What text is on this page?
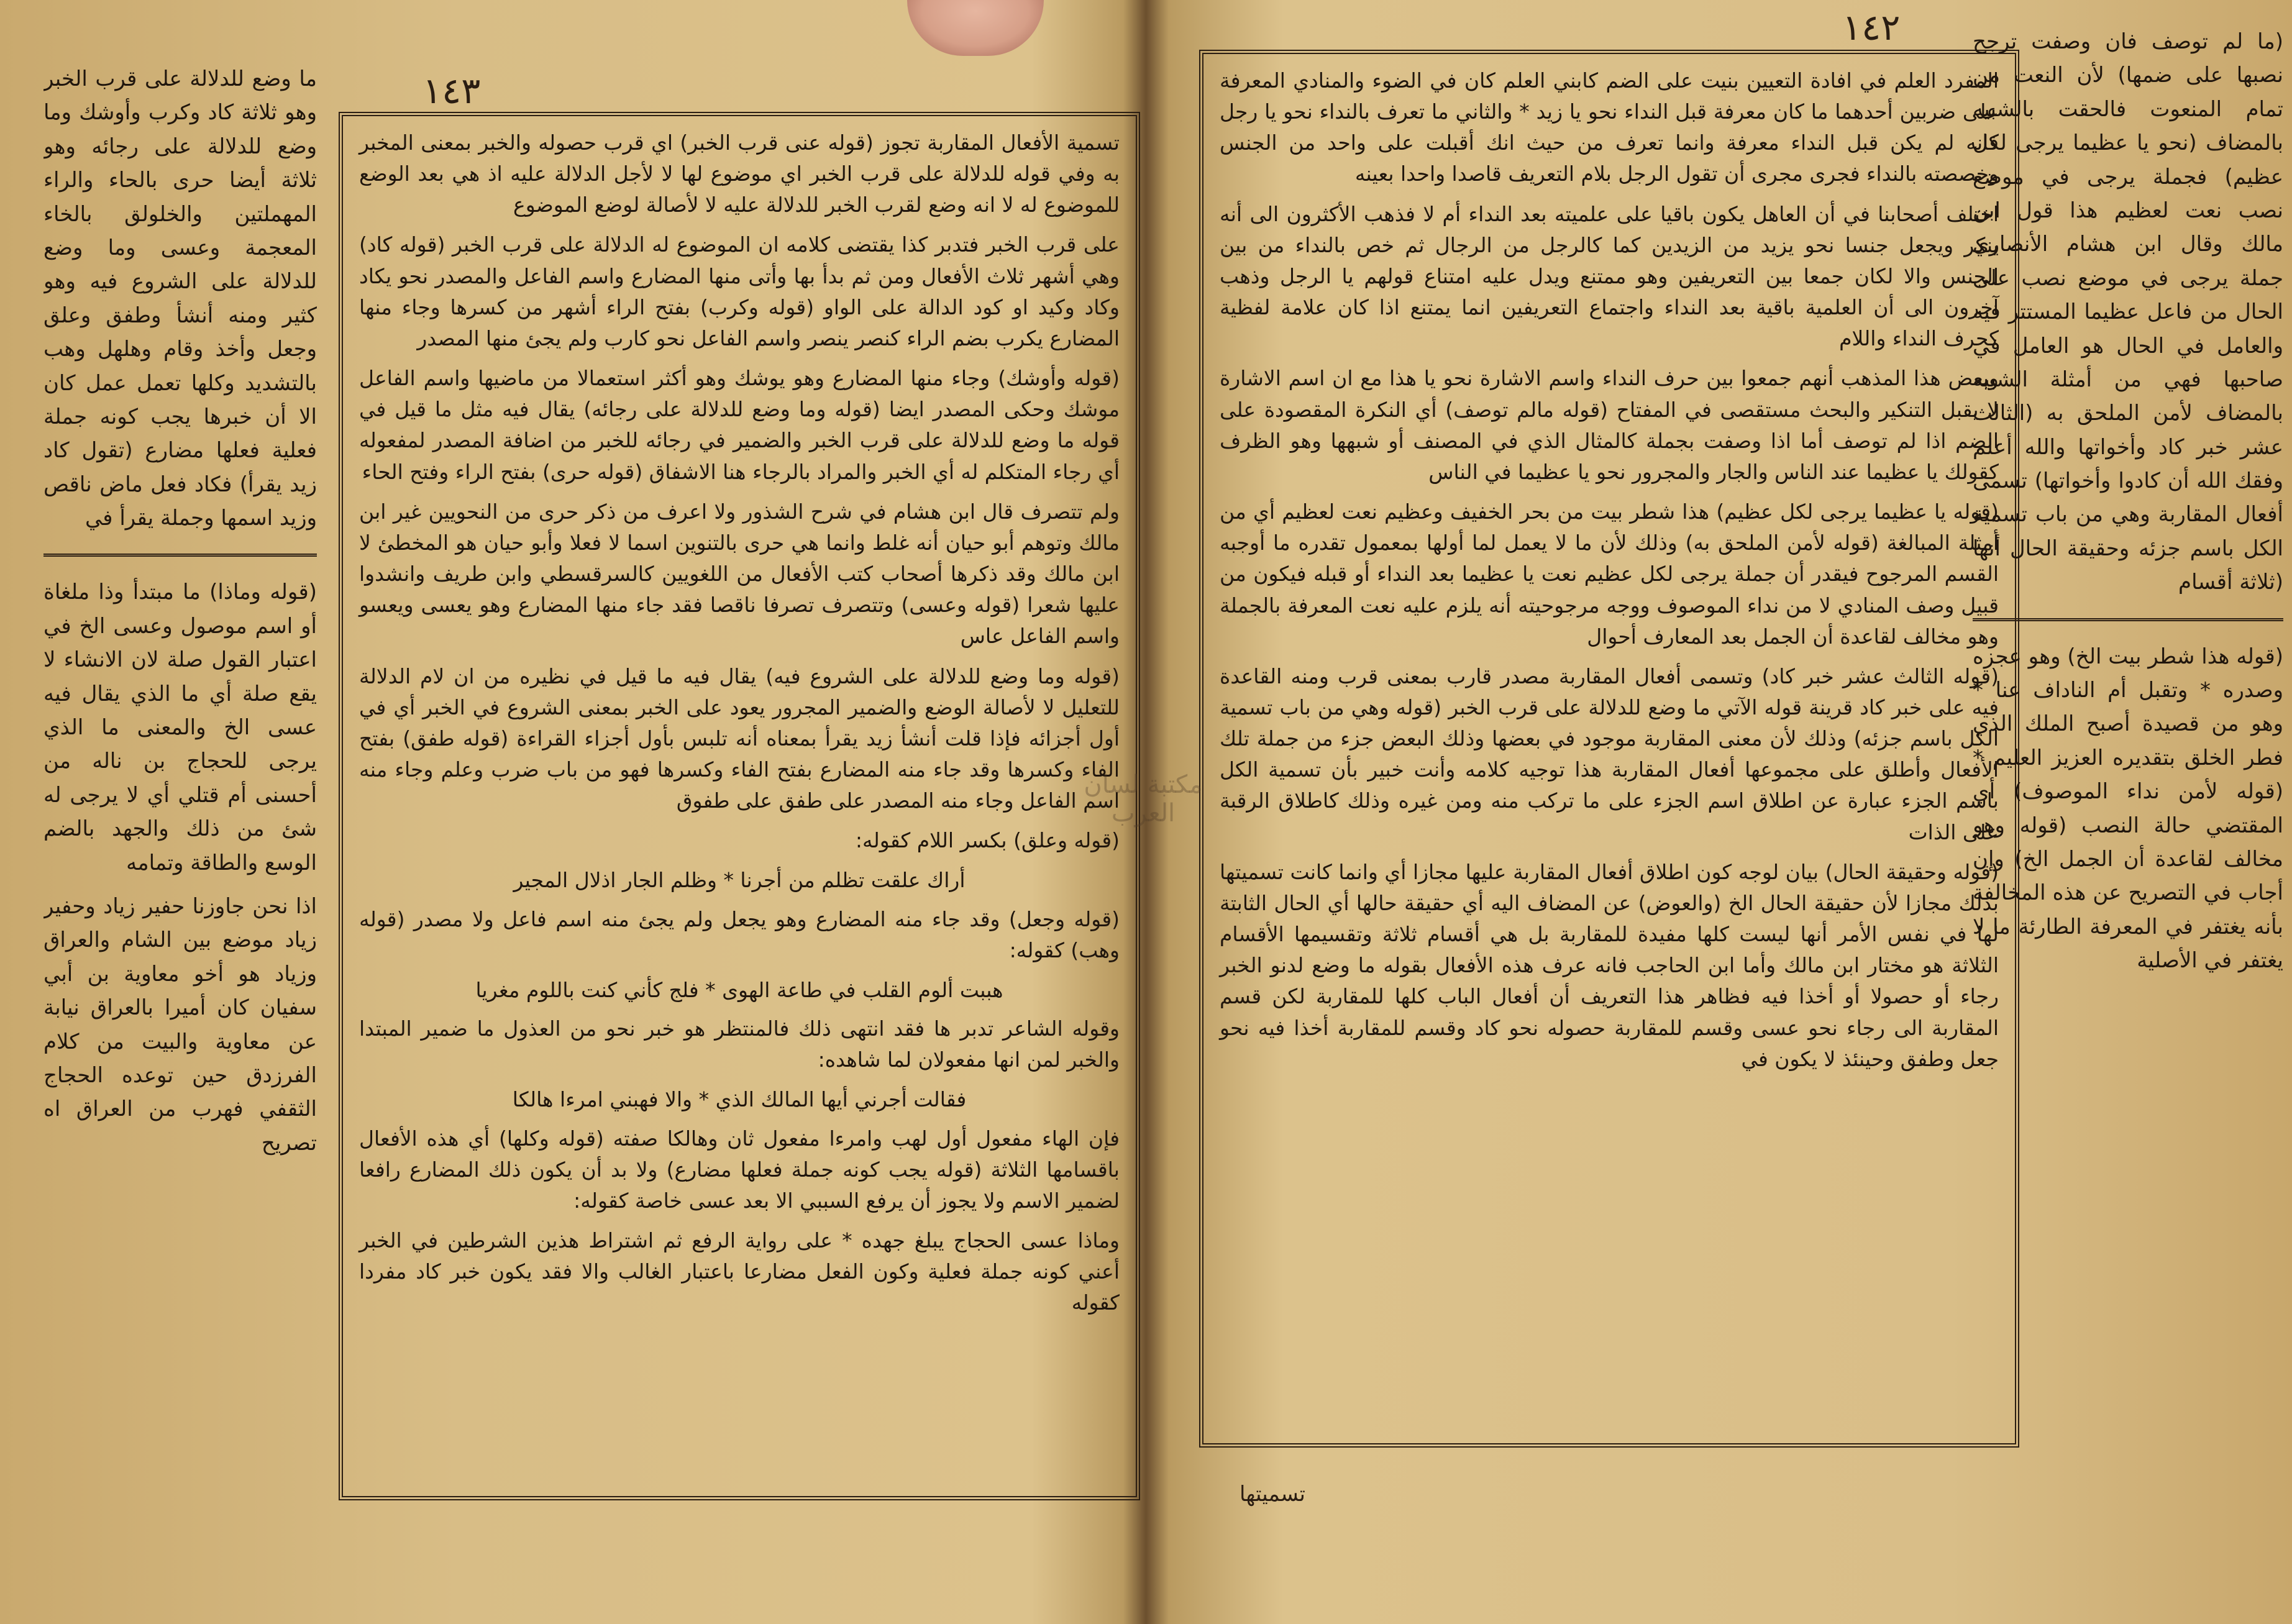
١٤٣

ما وضع للدلالة على قرب الخبر وهو ثلاثة كاد وكرب وأوشك وما وضع للدلالة على رجائه وهو ثلاثة أيضا حرى بالحاء والراء المهملتين والخلولق بالخاء المعجمة وعسى وما وضع للدلالة على الشروع فيه وهو كثير ومنه أنشأ وطفق وعلق وجعل وأخذ وقام وهلهل وهب بالتشديد وكلها تعمل عمل كان الا أن خبرها يجب كونه جملة فعلية فعلها مضارع (تقول كاد زيد يقرأ) فكاد فعل ماض ناقص وزيد اسمها وجملة يقرأ في

(قوله وماذا) ما مبتدأ وذا ملغاة أو اسم موصول وعسى الخ في اعتبار القول صلة لان الانشاء لا يقع صلة أي ما الذي يقال فيه عسى الخ والمعنى ما الذي يرجى للحجاج بن ناله من أحسنى أم قتلي أي لا يرجى له شئ من ذلك والجهد بالضم الوسع والطاقة وتمامه

اذا نحن جاوزنا حفير زياد وحفير زياد موضع بين الشام والعراق وزياد هو أخو معاوية بن أبي سفيان كان أميرا بالعراق نيابة عن معاوية والبيت من كلام الفرزدق حين توعده الحجاج الثقفي فهرب من العراق اه تصريح

تسمية الأفعال المقاربة تجوز (قوله عنى قرب الخبر) اي قرب حصوله والخبر بمعنى المخبر به وفي قوله للدلالة على قرب الخبر اي موضوع لها لا لأجل الدلالة عليه اذ هي بعد الوضع للموضوع له لا انه وضع لقرب الخبر للدلالة عليه لا لأصالة لوضع الموضوع

على قرب الخبر فتدبر كذا يقتضى كلامه ان الموضوع له الدلالة على قرب الخبر (قوله كاد) وهي أشهر ثلاث الأفعال ومن ثم بدأ بها وأتى منها المضارع واسم الفاعل والمصدر نحو يكاد وكاد وكيد او كود الدالة على الواو (قوله وكرب) بفتح الراء أشهر من كسرها وجاء منها المضارع يكرب بضم الراء كنصر ينصر واسم الفاعل نحو كارب ولم يجئ منها المصدر

(قوله وأوشك) وجاء منها المضارع وهو يوشك وهو أكثر استعمالا من ماضيها واسم الفاعل موشك وحكى المصدر ايضا (قوله وما وضع للدلالة على رجائه) يقال فيه مثل ما قيل في قوله ما وضع للدلالة على قرب الخبر والضمير في رجائه للخبر من اضافة المصدر لمفعوله أي رجاء المتكلم له أي الخبر والمراد بالرجاء هنا الاشفاق (قوله حرى) بفتح الراء وفتح الحاء

ولم تتصرف قال ابن هشام في شرح الشذور ولا اعرف من ذكر حرى من النحويين غير ابن مالك وتوهم أبو حيان أنه غلط وانما هي حرى بالتنوين اسما لا فعلا وأبو حيان هو المخطئ لا ابن مالك وقد ذكرها أصحاب كتب الأفعال من اللغويين كالسرقسطي وابن طريف وانشدوا عليها شعرا (قوله وعسى) وتتصرف تصرفا ناقصا فقد جاء منها المضارع وهو يعسى ويعسو واسم الفاعل عاس

(قوله وما وضع للدلالة على الشروع فيه) يقال فيه ما قيل في نظيره من ان لام الدلالة للتعليل لا لأصالة الوضع والضمير المجرور يعود على الخبر بمعنى الشروع في الخبر أي في أول أجزائه فإذا قلت أنشأ زيد يقرأ بمعناه أنه تلبس بأول أجزاء القراءة (قوله طفق) بفتح الفاء وكسرها وقد جاء منه المضارع بفتح الفاء وكسرها فهو من باب ضرب وعلم وجاء منه اسم الفاعل وجاء منه المصدر على طفق على طفوق

(قوله وعلق) بكسر اللام كقوله:

أراك علقت تظلم من أجرنا * وظلم الجار اذلال المجير

(قوله وجعل) وقد جاء منه المضارع وهو يجعل ولم يجئ منه اسم فاعل ولا مصدر (قوله وهب) كقوله:

هببت ألوم القلب في طاعة الهوى * فلج كأني كنت باللوم مغريا

وقوله الشاعر تدبر ها فقد انتهى ذلك فالمنتظر هو خبر نحو من العذول ما ضمير المبتدا والخبر لمن انها مفعولان لما شاهده:

فقالت أجرني أيها المالك الذي * والا فهبني امرءا هالكا

فإن الهاء مفعول أول لهب وامرءا مفعول ثان وهالكا صفته (قوله وكلها) أي هذه الأفعال باقسامها الثلاثة (قوله يجب كونه جملة فعلها مضارع) ولا بد أن يكون ذلك المضارع رافعا لضمير الاسم ولا يجوز أن يرفع السببي الا بعد عسى خاصة كقوله:

وماذا عسى الحجاج يبلغ جهده * على رواية الرفع ثم اشتراط هذين الشرطين في الخبر أعني كونه جملة فعلية وكون الفعل مضارعا باعتبار الغالب والا فقد يكون خبر كاد مفردا كقوله

١٤٢

المفرد العلم في افادة التعيين بنيت على الضم كابني العلم كان في الضوء والمنادي المعرفة على ضربين أحدهما ما كان معرفة قبل النداء نحو يا زيد * والثاني ما تعرف بالنداء نحو يا رجل فانه لم يكن قبل النداء معرفة وانما تعرف من حيث انك أقبلت على واحد من الجنس وخصصته بالنداء فجرى مجرى أن تقول الرجل بلام التعريف قاصدا واحدا بعينه

اختلف أصحابنا في أن العاهل يكون باقيا على علميته بعد النداء أم لا فذهب الأكثرون الى أنه ينكر ويجعل جنسا نحو يزيد من الزيدين كما كالرجل من الرجال ثم خص بالنداء من بين الجنس والا لكان جمعا بين التعريفين وهو ممتنع ويدل عليه امتناع قولهم يا الرجل وذهب آخرون الى أن العلمية باقية بعد النداء واجتماع التعريفين انما يمتنع اذا كان علامة لفظية كحرف النداء واللام

وبعض هذا المذهب أنهم جمعوا بين حرف النداء واسم الاشارة نحو يا هذا مع ان اسم الاشارة لا يقبل التنكير والبحث مستقصى في المفتاح (قوله مالم توصف) أي النكرة المقصودة على الضم اذا لم توصف أما اذا وصفت بجملة كالمثال الذي في المصنف أو شبهها وهو الظرف كقولك يا عظيما عند الناس والجار والمجرور نحو يا عظيما في الناس

(قوله يا عظيما يرجى لكل عظيم) هذا شطر بيت من بحر الخفيف وعظيم نعت لعظيم أي من أمثلة المبالغة (قوله لأمن الملحق به) وذلك لأن ما لا يعمل لما أولها بمعمول تقدره ما أوجبه القسم المرجوح فيقدر أن جملة يرجى لكل عظيم نعت يا عظيما بعد النداء أو قبله فيكون من قبيل وصف المنادي لا من نداء الموصوف ووجه مرجوحيته أنه يلزم عليه نعت المعرفة بالجملة وهو مخالف لقاعدة أن الجمل بعد المعارف أحوال

(قوله الثالث عشر خبر كاد) وتسمى أفعال المقاربة مصدر قارب بمعنى قرب ومنه القاعدة فيه على خبر كاد قرينة قوله الآتي ما وضع للدلالة على قرب الخبر (قوله وهي من باب تسمية الكل باسم جزئه) وذلك لأن معنى المقاربة موجود في بعضها وذلك البعض جزء من جملة تلك الأفعال وأطلق على مجموعها أفعال المقاربة هذا توجيه كلامه وأنت خبير بأن تسمية الكل باسم الجزء عبارة عن اطلاق اسم الجزء على ما تركب منه ومن غيره وذلك كاطلاق الرقبة على الذات

(قوله وحقيقة الحال) بيان لوجه كون اطلاق أفعال المقاربة عليها مجازا أي وانما كانت تسميتها بذلك مجازا لأن حقيقة الحال الخ (والعوض) عن المضاف اليه أي حقيقة حالها أي الحال الثابتة لها في نفس الأمر أنها ليست كلها مفيدة للمقاربة بل هي أقسام ثلاثة وتقسيمها الأقسام الثلاثة هو مختار ابن مالك وأما ابن الحاجب فانه عرف هذه الأفعال بقوله ما وضع لدنو الخبر رجاء أو حصولا أو أخذا فيه فظاهر هذا التعريف أن أفعال الباب كلها للمقاربة لكن قسم المقاربة الى رجاء نحو عسى وقسم للمقاربة حصوله نحو كاد وقسم للمقاربة أخذا فيه نحو جعل وطفق وحينئذ لا يكون في

تسميتها

(ما لم توصف فان وصفت ترجح نصبها على ضمها) لأن النعت من تمام المنعوت فالحقت بالشبيه بالمضاف (نحو يا عظيما يرجى لكل عظيم) فجملة يرجى في موضع نصب نعت لعظيم هذا قول ابن مالك وقال ابن هشام الأنصاري جملة يرجى في موضع نصب على الحال من فاعل عظيما المستتر فيه والعامل في الحال هو العامل في صاحبها فهي من أمثلة الشبيه بالمضاف لأمن الملحق به (الثالث عشر خبر كاد وأخواتها والله أعلم وفقك الله أن كادوا وأخواتها) تسمى أفعال المقاربة وهي من باب تسمية الكل باسم جزئه وحقيقة الحال أنها (ثلاثة أقسام

(قوله هذا شطر بيت الخ) وهو عجزه وصدره * وتقبل أم الناداف عنا * وهو من قصيدة أصبح الملك الذي فطر الخلق بتقديره العزيز العليم * (قوله لأمن نداء الموصوف) أي المقتضي حالة النصب (قوله وهو مخالف لقاعدة أن الجمل الخ) وإن أجاب في التصريح عن هذه المخالفة بأنه يغتفر في المعرفة الطارئة ما لا يغتفر في الأصلية

مكتبة لسان العرب
